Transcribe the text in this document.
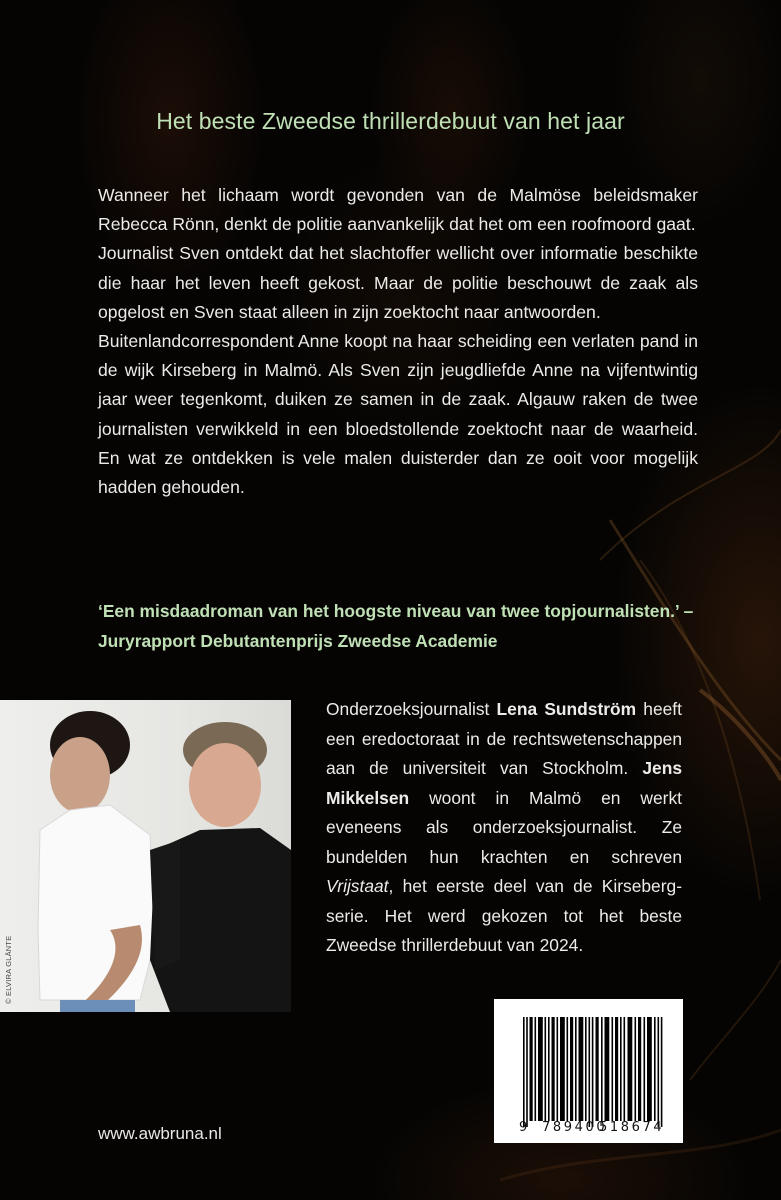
Het beste Zweedse thrillerdebuut van het jaar

Wanneer het lichaam wordt gevonden van de Malmöse beleidsmaker Rebecca Rönn, denkt de politie aanvankelijk dat het om een roofmoord gaat.

Journalist Sven ontdekt dat het slachtoffer wellicht over informatie beschikte die haar het leven heeft gekost. Maar de politie beschouwt de zaak als opgelost en Sven staat alleen in zijn zoektocht naar antwoorden.

Buitenlandcorrespondent Anne koopt na haar scheiding een verlaten pand in de wijk Kirseberg in Malmö. Als Sven zijn jeugdliefde Anne na vijfentwintig jaar weer tegenkomt, duiken ze samen in de zaak. Algauw raken de twee journalisten verwikkeld in een bloedstollende zoektocht naar de waarheid. En wat ze ontdekken is vele malen duisterder dan ze ooit voor mogelijk hadden gehouden.

‘Een misdaadroman van het hoogste niveau van twee topjournalisten.’ – Juryrapport Debutantenprijs Zweedse Academie
© ELVIRA GLÄNTE
Onderzoeksjournalist Lena Sundström heeft een eredoctoraat in de rechtswetenschappen aan de universiteit van Stockholm. Jens Mikkelsen woont in Malmö en werkt eveneens als onderzoeksjournalist. Ze bundelden hun krachten en schreven Vrijstaat, het eerste deel van de Kirsebergserie. Het werd gekozen tot het beste Zweedse thrillerdebuut van 2024.
9 789400
518674
www.awbruna.nl
